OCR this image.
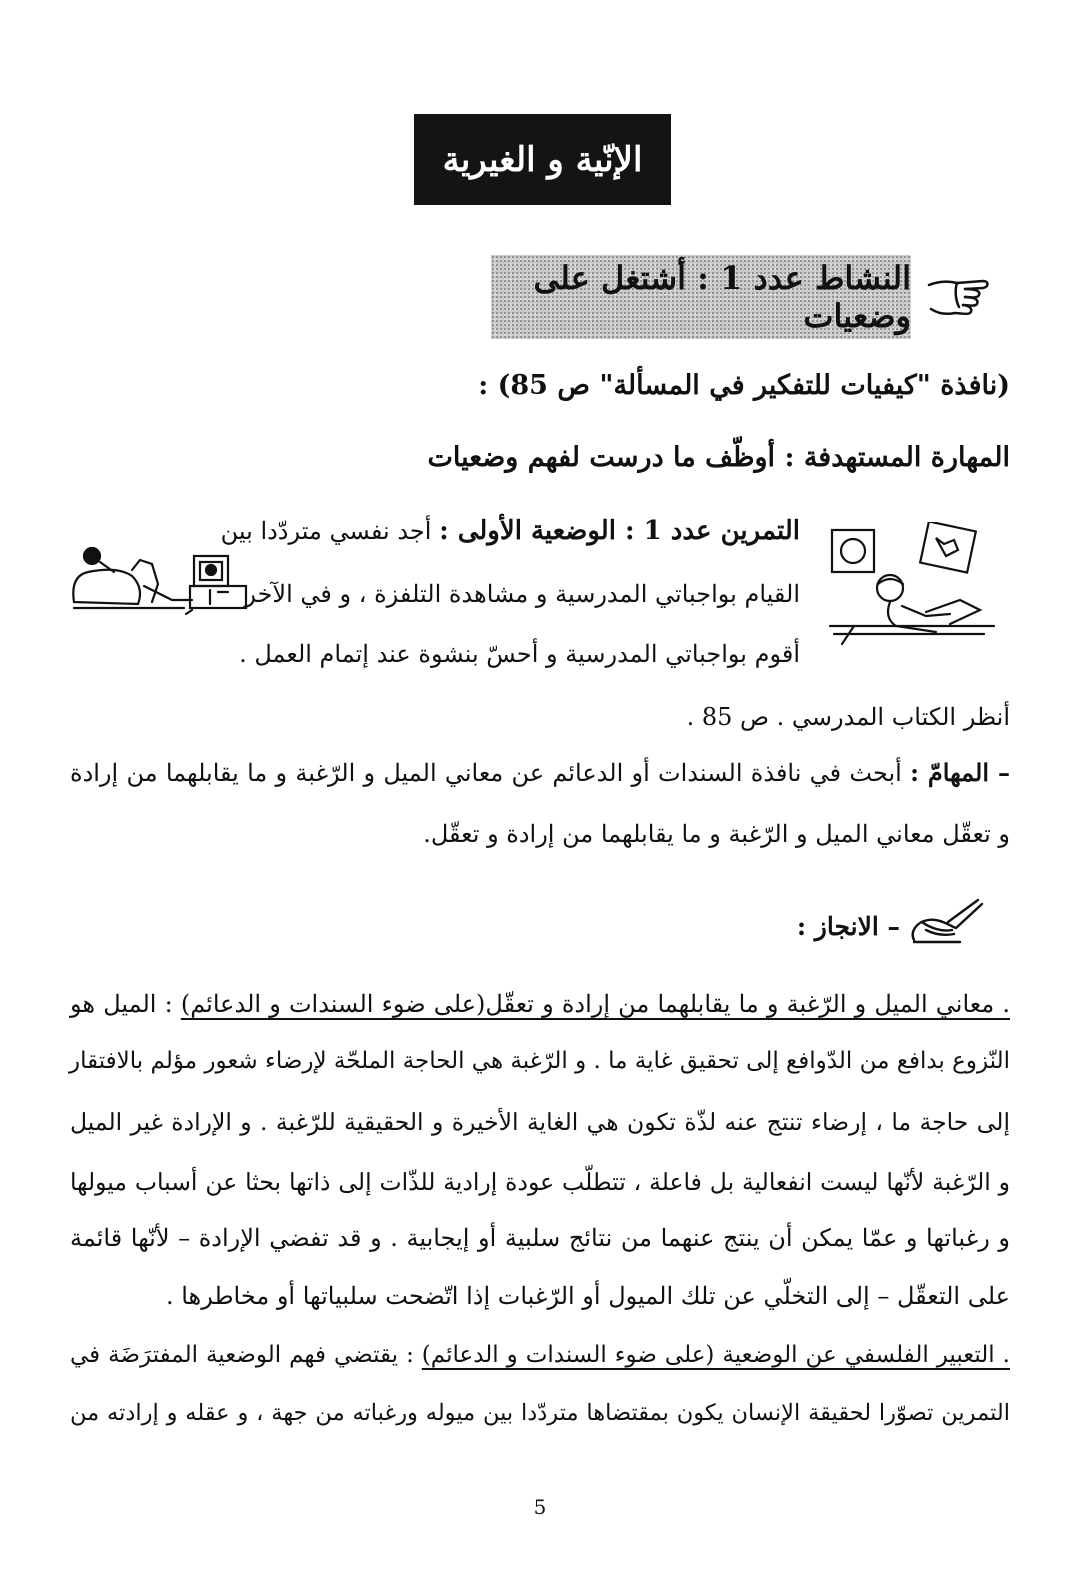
الإنّية و الغيرية
النشاط عدد 1 : أشتغل على وضعيات
(نافذة "كيفيات للتفكير في المسألة" ص 85) :
المهارة المستهدفة : أوظّف ما درست لفهم وضعيات
التمرين عدد 1 : الوضعية الأولى : أجد نفسي متردّدا بين
القيام بواجباتي المدرسية و مشاهدة التلفزة ، و في الآخر
أقوم بواجباتي المدرسية و أحسّ بنشوة عند إتمام العمل .
أنظر الكتاب المدرسي . ص 85 .
– المهامّ : أبحث في نافذة السندات أو الدعائم عن معاني الميل و الرّغبة و ما يقابلهما من إرادة
و تعقّل معاني الميل و الرّغبة و ما يقابلهما من إرادة و تعقّل.
– الانجاز :
. معاني الميل و الرّغبة و ما يقابلهما من إرادة و تعقّل(على ضوء السندات و الدعائم) : الميل هو
النّزوع بدافع من الدّوافع إلى تحقيق غاية ما . و الرّغبة هي الحاجة الملحّة لإرضاء شعور مؤلم بالافتقار
إلى حاجة ما ، إرضاء تنتج عنه لذّة تكون هي الغاية الأخيرة و الحقيقية للرّغبة . و الإرادة غير الميل
و الرّغبة لأنّها ليست انفعالية بل فاعلة ، تتطلّب عودة إرادية للذّات إلى ذاتها بحثا عن أسباب ميولها
و رغباتها و عمّا يمكن أن ينتج عنهما من نتائج سلبية أو إيجابية . و قد تفضي الإرادة – لأنّها قائمة
على التعقّل – إلى التخلّي عن تلك الميول أو الرّغبات إذا اتّضحت سلبياتها أو مخاطرها .
. التعبير الفلسفي عن الوضعية (على ضوء السندات و الدعائم) : يقتضي فهم الوضعية المفترَضَة في
التمرين تصوّرا لحقيقة الإنسان يكون بمقتضاها متردّدا بين ميوله ورغباته من جهة ، و عقله و إرادته من
5
